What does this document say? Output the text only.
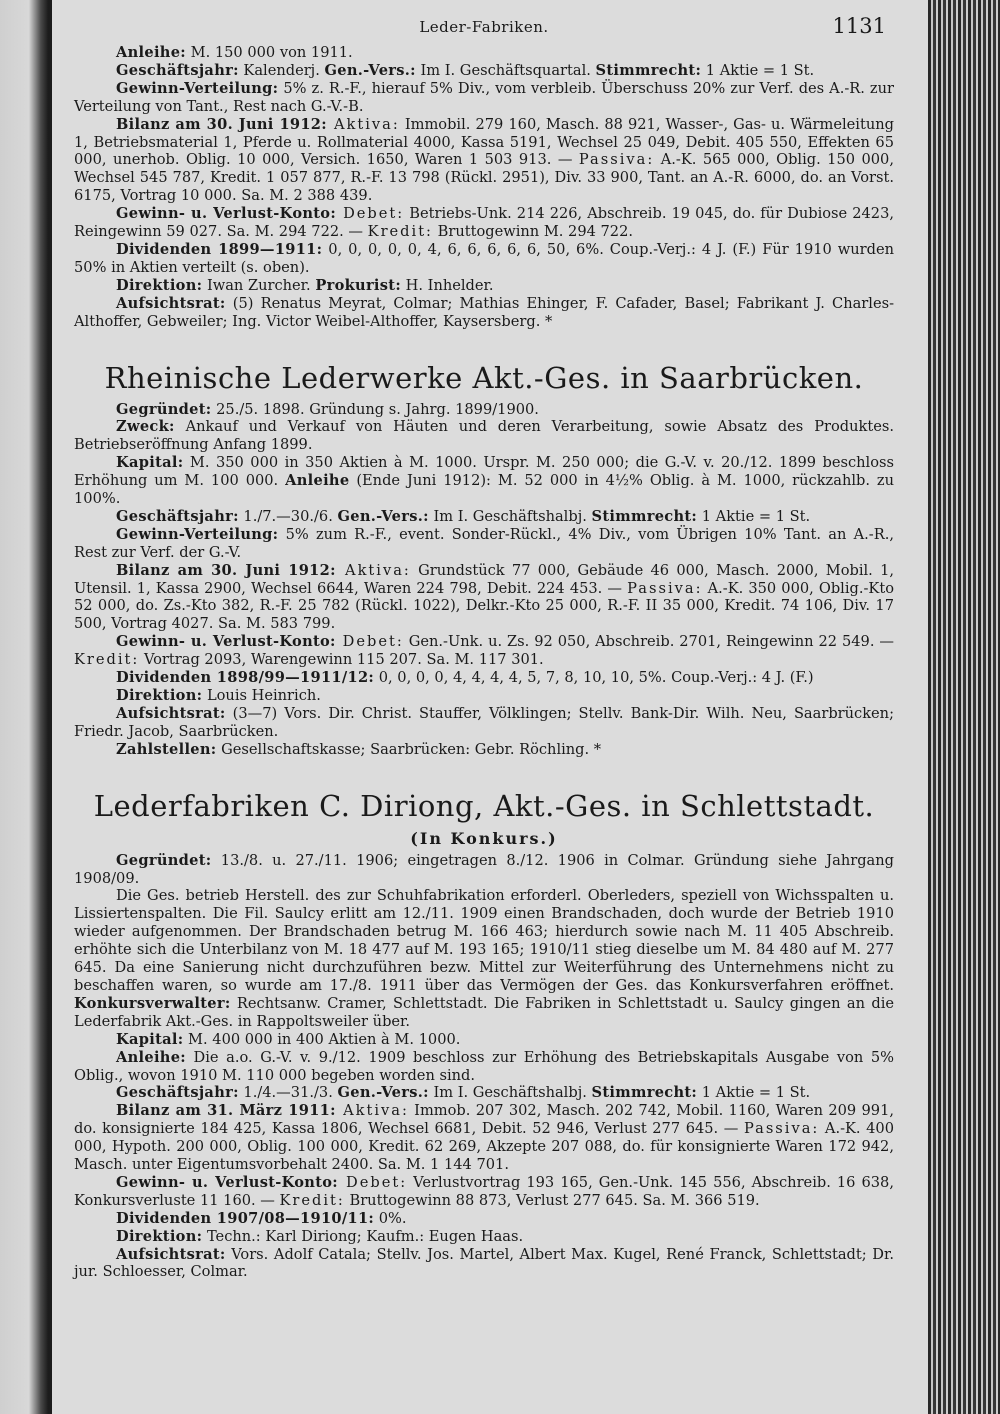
Leder-Fabriken.	1131

Anleihe: M. 150 000 von 1911.

Geschäftsjahr: Kalenderj. Gen.-Vers.: Im I. Geschäftsquartal. Stimmrecht: 1 Aktie = 1 St.

Gewinn-Verteilung: 5% z. R.-F., hierauf 5% Div., vom verbleib. Überschuss 20% zur Verf. des A.-R. zur Verteilung von Tant., Rest nach G.-V.-B.

Bilanz am 30. Juni 1912: Aktiva: Immobil. 279 160, Masch. 88 921, Wasser-, Gas- u. Wärmeleitung 1, Betriebsmaterial 1, Pferde u. Rollmaterial 4000, Kassa 5191, Wechsel 25 049, Debit. 405 550, Effekten 65 000, unerhob. Oblig. 10 000, Versich. 1650, Waren 1 503 913. — Passiva: A.-K. 565 000, Oblig. 150 000, Wechsel 545 787, Kredit. 1 057 877, R.-F. 13 798 (Rückl. 2951), Div. 33 900, Tant. an A.-R. 6000, do. an Vorst. 6175, Vortrag 10 000. Sa. M. 2 388 439.

Gewinn- u. Verlust-Konto: Debet: Betriebs-Unk. 214 226, Abschreib. 19 045, do. für Dubiose 2423, Reingewinn 59 027. Sa. M. 294 722. — Kredit: Bruttogewinn M. 294 722.

Dividenden 1899—1911: 0, 0, 0, 0, 0, 4, 6, 6, 6, 6, 6, 50, 6%. Coup.-Verj.: 4 J. (F.) Für 1910 wurden 50% in Aktien verteilt (s. oben).

Direktion: Iwan Zurcher. Prokurist: H. Inhelder.

Aufsichtsrat: (5) Renatus Meyrat, Colmar; Mathias Ehinger, F. Cafader, Basel; Fabrikant J. Charles-Althoffer, Gebweiler; Ing. Victor Weibel-Althoffer, Kaysersberg. *

Rheinische Lederwerke Akt.-Ges. in Saarbrücken.

Gegründet: 25./5. 1898. Gründung s. Jahrg. 1899/1900.

Zweck: Ankauf und Verkauf von Häuten und deren Verarbeitung, sowie Absatz des Produktes. Betriebseröffnung Anfang 1899.

Kapital: M. 350 000 in 350 Aktien à M. 1000. Urspr. M. 250 000; die G.-V. v. 20./12. 1899 beschloss Erhöhung um M. 100 000. Anleihe (Ende Juni 1912): M. 52 000 in 4½% Oblig. à M. 1000, rückzahlb. zu 100%.

Geschäftsjahr: 1./7.—30./6. Gen.-Vers.: Im I. Geschäftshalbj. Stimmrecht: 1 Aktie = 1 St.

Gewinn-Verteilung: 5% zum R.-F., event. Sonder-Rückl., 4% Div., vom Übrigen 10% Tant. an A.-R., Rest zur Verf. der G.-V.

Bilanz am 30. Juni 1912: Aktiva: Grundstück 77 000, Gebäude 46 000, Masch. 2000, Mobil. 1, Utensil. 1, Kassa 2900, Wechsel 6644, Waren 224 798, Debit. 224 453. — Passiva: A.-K. 350 000, Oblig.-Kto 52 000, do. Zs.-Kto 382, R.-F. 25 782 (Rückl. 1022), Delkr.-Kto 25 000, R.-F. II 35 000, Kredit. 74 106, Div. 17 500, Vortrag 4027. Sa. M. 583 799.

Gewinn- u. Verlust-Konto: Debet: Gen.-Unk. u. Zs. 92 050, Abschreib. 2701, Reingewinn 22 549. — Kredit: Vortrag 2093, Warengewinn 115 207. Sa. M. 117 301.

Dividenden 1898/99—1911/12: 0, 0, 0, 0, 4, 4, 4, 4, 5, 7, 8, 10, 10, 5%. Coup.-Verj.: 4 J. (F.)

Direktion: Louis Heinrich.

Aufsichtsrat: (3—7) Vors. Dir. Christ. Stauffer, Völklingen; Stellv. Bank-Dir. Wilh. Neu, Saarbrücken; Friedr. Jacob, Saarbrücken.

Zahlstellen: Gesellschaftskasse; Saarbrücken: Gebr. Röchling. *

Lederfabriken C. Diriong, Akt.-Ges. in Schlettstadt.
(In Konkurs.)

Gegründet: 13./8. u. 27./11. 1906; eingetragen 8./12. 1906 in Colmar. Gründung siehe Jahrgang 1908/09.

Die Ges. betrieb Herstell. des zur Schuhfabrikation erforderl. Oberleders, speziell von Wichsspalten u. Lissiertenspalten. Die Fil. Saulcy erlitt am 12./11. 1909 einen Brandschaden, doch wurde der Betrieb 1910 wieder aufgenommen. Der Brandschaden betrug M. 166 463; hierdurch sowie nach M. 11 405 Abschreib. erhöhte sich die Unterbilanz von M. 18 477 auf M. 193 165; 1910/11 stieg dieselbe um M. 84 480 auf M. 277 645. Da eine Sanierung nicht durchzuführen bezw. Mittel zur Weiterführung des Unternehmens nicht zu beschaffen waren, so wurde am 17./8. 1911 über das Vermögen der Ges. das Konkursverfahren eröffnet. Konkursverwalter: Rechtsanw. Cramer, Schlettstadt. Die Fabriken in Schlettstadt u. Saulcy gingen an die Lederfabrik Akt.-Ges. in Rappoltsweiler über.

Kapital: M. 400 000 in 400 Aktien à M. 1000.

Anleihe: Die a.o. G.-V. v. 9./12. 1909 beschloss zur Erhöhung des Betriebskapitals Ausgabe von 5% Oblig., wovon 1910 M. 110 000 begeben worden sind.

Geschäftsjahr: 1./4.—31./3. Gen.-Vers.: Im I. Geschäftshalbj. Stimmrecht: 1 Aktie = 1 St.

Bilanz am 31. März 1911: Aktiva: Immob. 207 302, Masch. 202 742, Mobil. 1160, Waren 209 991, do. konsignierte 184 425, Kassa 1806, Wechsel 6681, Debit. 52 946, Verlust 277 645. — Passiva: A.-K. 400 000, Hypoth. 200 000, Oblig. 100 000, Kredit. 62 269, Akzepte 207 088, do. für konsignierte Waren 172 942, Masch. unter Eigentumsvorbehalt 2400. Sa. M. 1 144 701.

Gewinn- u. Verlust-Konto: Debet: Verlustvortrag 193 165, Gen.-Unk. 145 556, Abschreib. 16 638, Konkursverluste 11 160. — Kredit: Bruttogewinn 88 873, Verlust 277 645. Sa. M. 366 519.

Dividenden 1907/08—1910/11: 0%.

Direktion: Techn.: Karl Diriong; Kaufm.: Eugen Haas.

Aufsichtsrat: Vors. Adolf Catala; Stellv. Jos. Martel, Albert Max. Kugel, René Franck, Schlettstadt; Dr. jur. Schloesser, Colmar.
